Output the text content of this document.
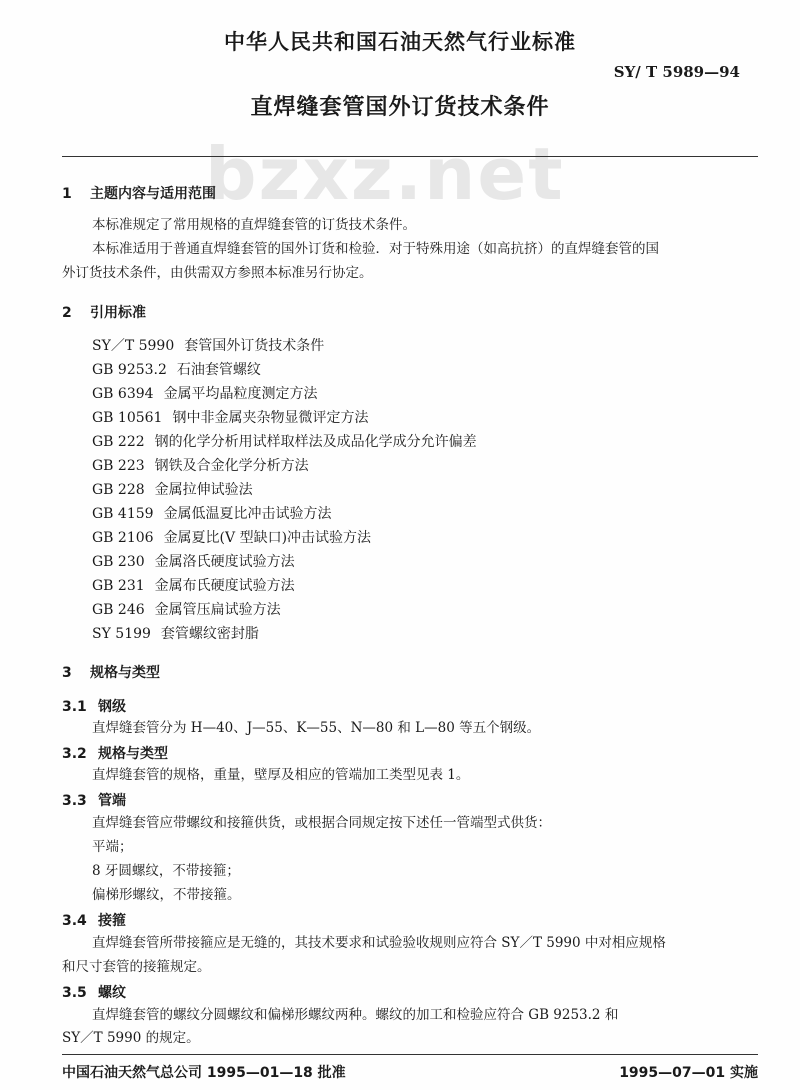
bzxz.net
中华人民共和国石油天然气行业标准
SY/ T 5989—94
直焊缝套管国外订货技术条件
1 主题内容与适用范围
本标准规定了常用规格的直焊缝套管的订货技术条件。
本标准适用于普通直焊缝套管的国外订货和检验．对于特殊用途（如高抗挤）的直焊缝套管的国
外订货技术条件，由供需双方参照本标准另行协定。
2 引用标准
SY／T 5990 套管国外订货技术条件
GB 9253.2 石油套管螺纹
GB 6394 金属平均晶粒度测定方法
GB 10561 钢中非金属夹杂物显微评定方法
GB 222 钢的化学分析用试样取样法及成品化学成分允许偏差
GB 223 钢铁及合金化学分析方法
GB 228 金属拉伸试验法
GB 4159 金属低温夏比冲击试验方法
GB 2106 金属夏比(V 型缺口)冲击试验方法
GB 230 金属洛氏硬度试验方法
GB 231 金属布氏硬度试验方法
GB 246 金属管压扁试验方法
SY 5199 套管螺纹密封脂
3 规格与类型
3.1 钢级
直焊缝套管分为 H—40、J—55、K—55、N—80 和 L—80 等五个钢级。
3.2 规格与类型
直焊缝套管的规格，重量，壁厚及相应的管端加工类型见表 1。
3.3 管端
直焊缝套管应带螺纹和接箍供货，或根据合同规定按下述任一管端型式供货：
平端；
8 牙圆螺纹，不带接箍；
偏梯形螺纹，不带接箍。
3.4 接箍
直焊缝套管所带接箍应是无缝的，其技术要求和试验验收规则应符合 SY／T 5990 中对相应规格
和尺寸套管的接箍规定。
3.5 螺纹
直焊缝套管的螺纹分圆螺纹和偏梯形螺纹两种。螺纹的加工和检验应符合 GB 9253.2 和
SY／T 5990 的规定。
中国石油天然气总公司 1995—01—18 批准	1995—07—01 实施
